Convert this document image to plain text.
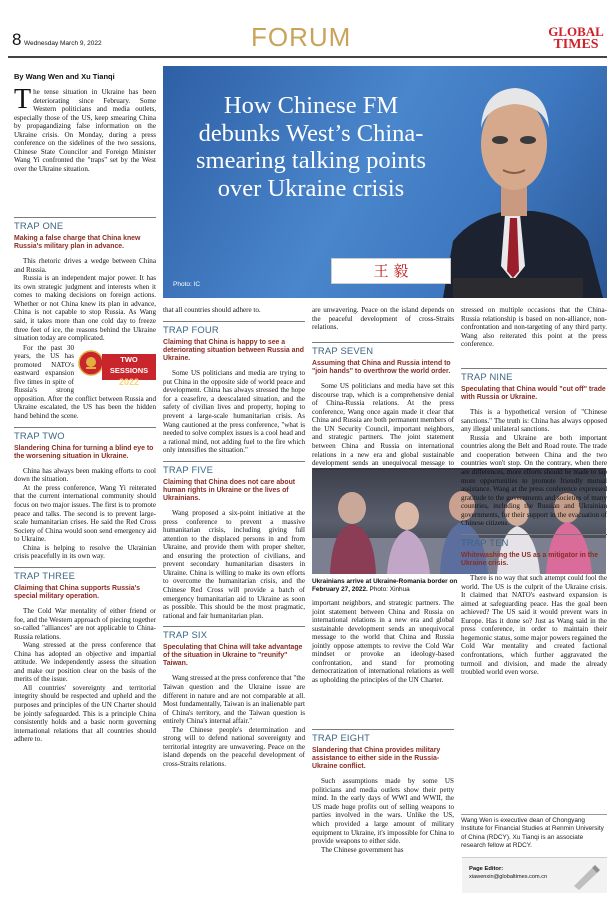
8 Wednesday March 9, 2022	FORUM	GLOBAL
TIMES
By Wang Wen and Xu Tianqi
T he tense situation in Ukraine has been deteriorating since February. Some Western politicians and media outlets, especially those of the US, keep smearing China by propagandizing false information on the Ukraine crisis. On Monday, during a press conference on the sidelines of the two sessions, Chinese State Councilor and Foreign Minister Wang Yi confronted the "traps" set by the West over the Ukraine situation.
How Chinese FM
debunks West’s China-
smearing talking points
over Ukraine crisis
王 毅
Photo: IC
TRAP ONE
Making a false charge that China knew Russia's military plan in advance.

This rhetoric drives a wedge between China and Russia.

Russia is an independent major power. It has its own strategic judgment and interests when it comes to making decisions on foreign actions. Whether or not China knew its plan in advance, China is not capable to stop Russia. As Wang said, it takes more than one cold day to freeze three feet of ice, the reasons behind the Ukraine situation today are complicated.

TWO SESSIONS
2022

For the past 30 years, the US has promoted NATO's eastward expansion five times in spite of Russia's strong opposition. After the conflict between Russia and Ukraine escalated, the US has been the hidden hand behind the scene.

TRAP TWO
Slandering China for turning a blind eye to the worsening situation in Ukraine.

China has always been making efforts to cool down the situation.

At the press conference, Wang Yi reiterated that the current international community should focus on two major issues. The first is to promote peace and talks. The second is to prevent large-scale humanitarian crises. He said the Red Cross Society of China would soon send emergency aid to Ukraine.

China is helping to resolve the Ukrainian crisis peacefully in its own way.

TRAP THREE
Claiming that China supports Russia's special military operation.

The Cold War mentality of either friend or foe, and the Western approach of piecing together so-called "alliances" are not applicable to China-Russia relations.

Wang stressed at the press conference that China has adopted an objective and impartial attitude. We independently assess the situation and make our position clear on the basis of the merits of the issue.

All countries' sovereignty and territorial integrity should be respected and upheld and the purposes and principles of the UN Charter should be jointly safeguarded. This is a principle China consistently holds and a basic norm governing international relations that all countries should adhere to.

that all countries should adhere to.

TRAP FOUR
Claiming that China is happy to see a deteriorating situation between Russia and Ukraine.

Some US politicians and media are trying to put China in the opposite side of world peace and development. China has always stressed the hope for a ceasefire, a deescalated situation, and the safety of civilian lives and property, hoping to prevent a large-scale humanitarian crisis. As Wang cautioned at the press conference, "what is needed to solve complex issues is a cool head and a rational mind, not adding fuel to the fire which only intensifies the situation."

TRAP FIVE
Claiming that China does not care about human rights in Ukraine or the lives of Ukrainians.

Wang proposed a six-point initiative at the press conference to prevent a massive humanitarian crisis, including giving full attention to the displaced persons in and from Ukraine, and provide them with proper shelter, and ensuring the protection of civilians, and prevent secondary humanitarian disasters in Ukraine. China is willing to make its own efforts to overcome the humanitarian crisis, and the Chinese Red Cross will provide a batch of emergency humanitarian aid to Ukraine as soon as possible. This should be the most pragmatic, rational and fair humanitarian plan.

TRAP SIX
Speculating that China will take advantage of the situation in Ukraine to "reunify" Taiwan.

Wang stressed at the press conference that "the Taiwan question and the Ukraine issue are different in nature and are not comparable at all. Most fundamentally, Taiwan is an inalienable part of China's territory, and the Taiwan question is entirely China's internal affair."

The Chinese people's determination and strong will to defend national sovereignty and territorial integrity are unwavering. Peace on the island depends on the peaceful development of cross-Straits relations.

are unwavering. Peace on the island depends on the peaceful development of cross-Straits relations.

TRAP SEVEN
Assuming that China and Russia intend to "join hands" to overthrow the world order.

Some US politicians and media have set this discourse trap, which is a comprehensive denial of China-Russia relations. At the press conference, Wang once again made it clear that China and Russia are both permanent members of the UN Security Council, important neighbors, and strategic partners. The joint statement between China and Russia on international relations in a new era and global sustainable development sends an unequivocal message to

Ukrainians arrive at Ukraine-Romania border on February 27, 2022. Photo: Xinhua

important neighbors, and strategic partners. The joint statement between China and Russia on international relations in a new era and global sustainable development sends an unequivocal message to the world that China and Russia jointly oppose attempts to revive the Cold War mindset or provoke an ideology-based confrontation, and stand for promoting democratization of international relations as well as upholding the principles of the UN Charter.

TRAP EIGHT
Slandering that China provides military assistance to either side in the Russia-Ukraine conflict.

Such assumptions made by some US politicians and media outlets show their petty mind. In the early days of WWI and WWII, the US made huge profits out of selling weapons to parties involved in the wars. Unlike the US, which provided a large amount of military equipment to Ukraine, it's impossible for China to provide weapons to either side.

The Chinese government has

stressed on multiple occasions that the China-Russia relationship is based on non-alliance, non-confrontation and non-targeting of any third party. Wang also reiterated this point at the press conference.

TRAP NINE
Speculating that China would "cut off" trade with Russia or Ukraine.

This is a hypothetical version of "Chinese sanctions." The truth is: China has always opposed any illegal unilateral sanctions.

Russia and Ukraine are both important countries along the Belt and Road route. The trade and cooperation between China and the two countries won't stop. On the contrary, when there are differences, more efforts should be made to tap more opportunities to promote friendly mutual assistance. Wang at the press conference expressed gratitude to the governments and societies of many countries, including the Russian and Ukrainian governments, for their support in the evacuation of Chinese citizens.

TRAP TEN
Whitewashing the US as a mitigator in the Ukraine crisis.

There is no way that such attempt could fool the world. The US is the culprit of the Ukraine crisis. It claimed that NATO's eastward expansion is aimed at safeguarding peace. Has the goal been achieved? The US said it would prevent wars in Europe. Has it done so? Just as Wang said in the press conference, in order to maintain their hegemonic status, some major powers regained the Cold War mentality and created factional confrontations, which further aggravated the turmoil and division, and made the already troubled world even worse.

Wang Wen is executive dean of Chongyang Institute for Financial Studies at Renmin University of China (RDCY). Xu Tianqi is an associate research fellow at RDCY.
Page Editor:
xiawenxin@globaltimes.com.cn
